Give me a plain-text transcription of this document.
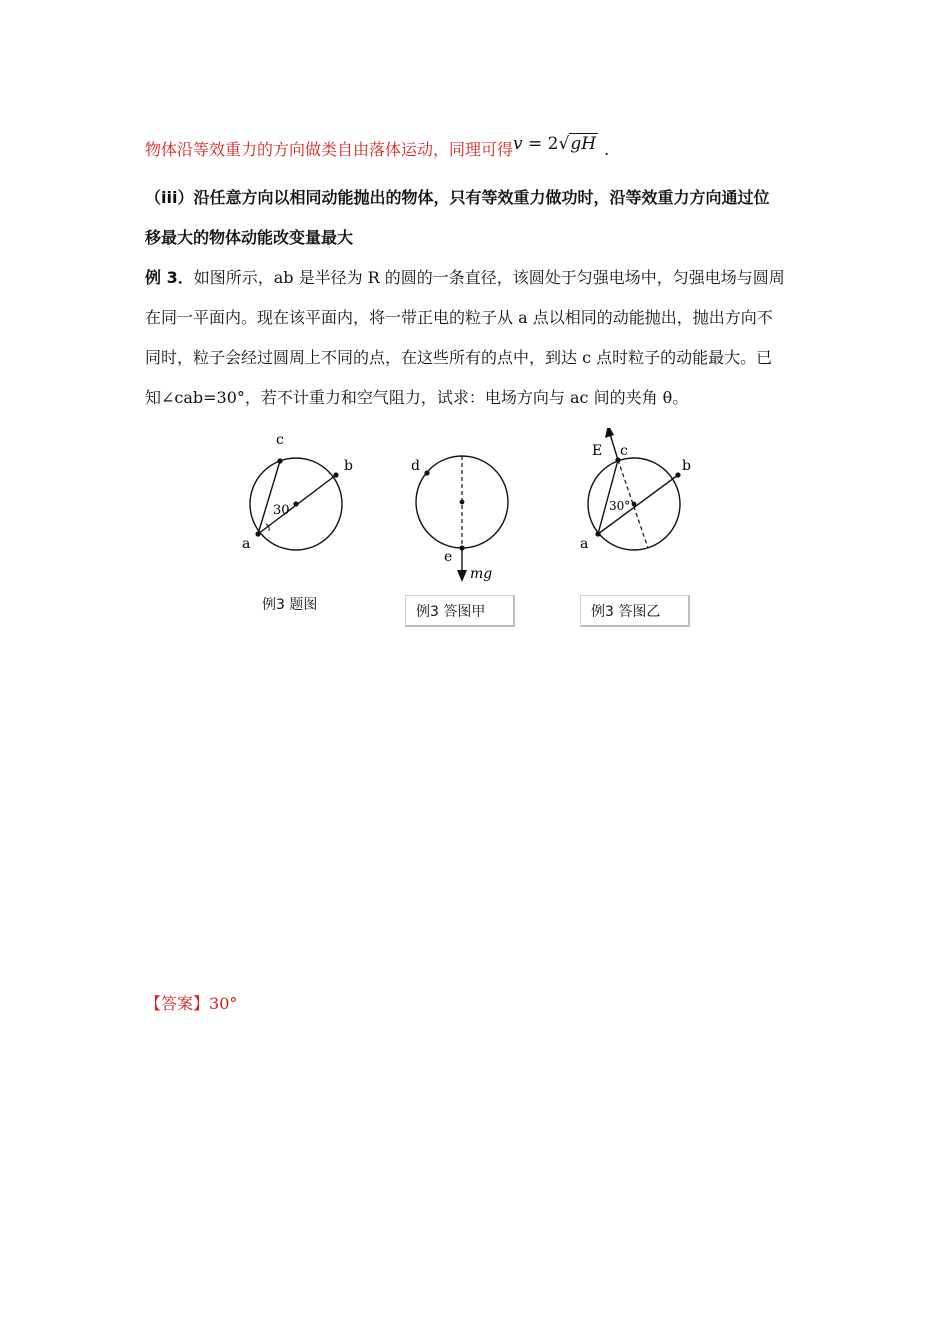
物体沿等效重力的方向做类自由落体运动，同理可得v = 2√gH .
（iii）沿任意方向以相同动能抛出的物体，只有等效重力做功时，沿等效重力方向通过位
移最大的物体动能改变量最大
例 3．如图所示，ab 是半径为 R 的圆的一条直径，该圆处于匀强电场中，匀强电场与圆周
在同一平面内。现在该平面内，将一带正电的粒子从 a 点以相同的动能抛出，抛出方向不
同时，粒子会经过圆周上不同的点，在这些所有的点中，到达 c 点时粒子的动能最大。已
知∠cab=30°，若不计重力和空气阻力，试求：电场方向与 ac 间的夹角 θ。
c
b
a
30
例3 题图
d
e
mg
例3 答图甲
E c
b
a
30°
例3 答图乙
【答案】30°
